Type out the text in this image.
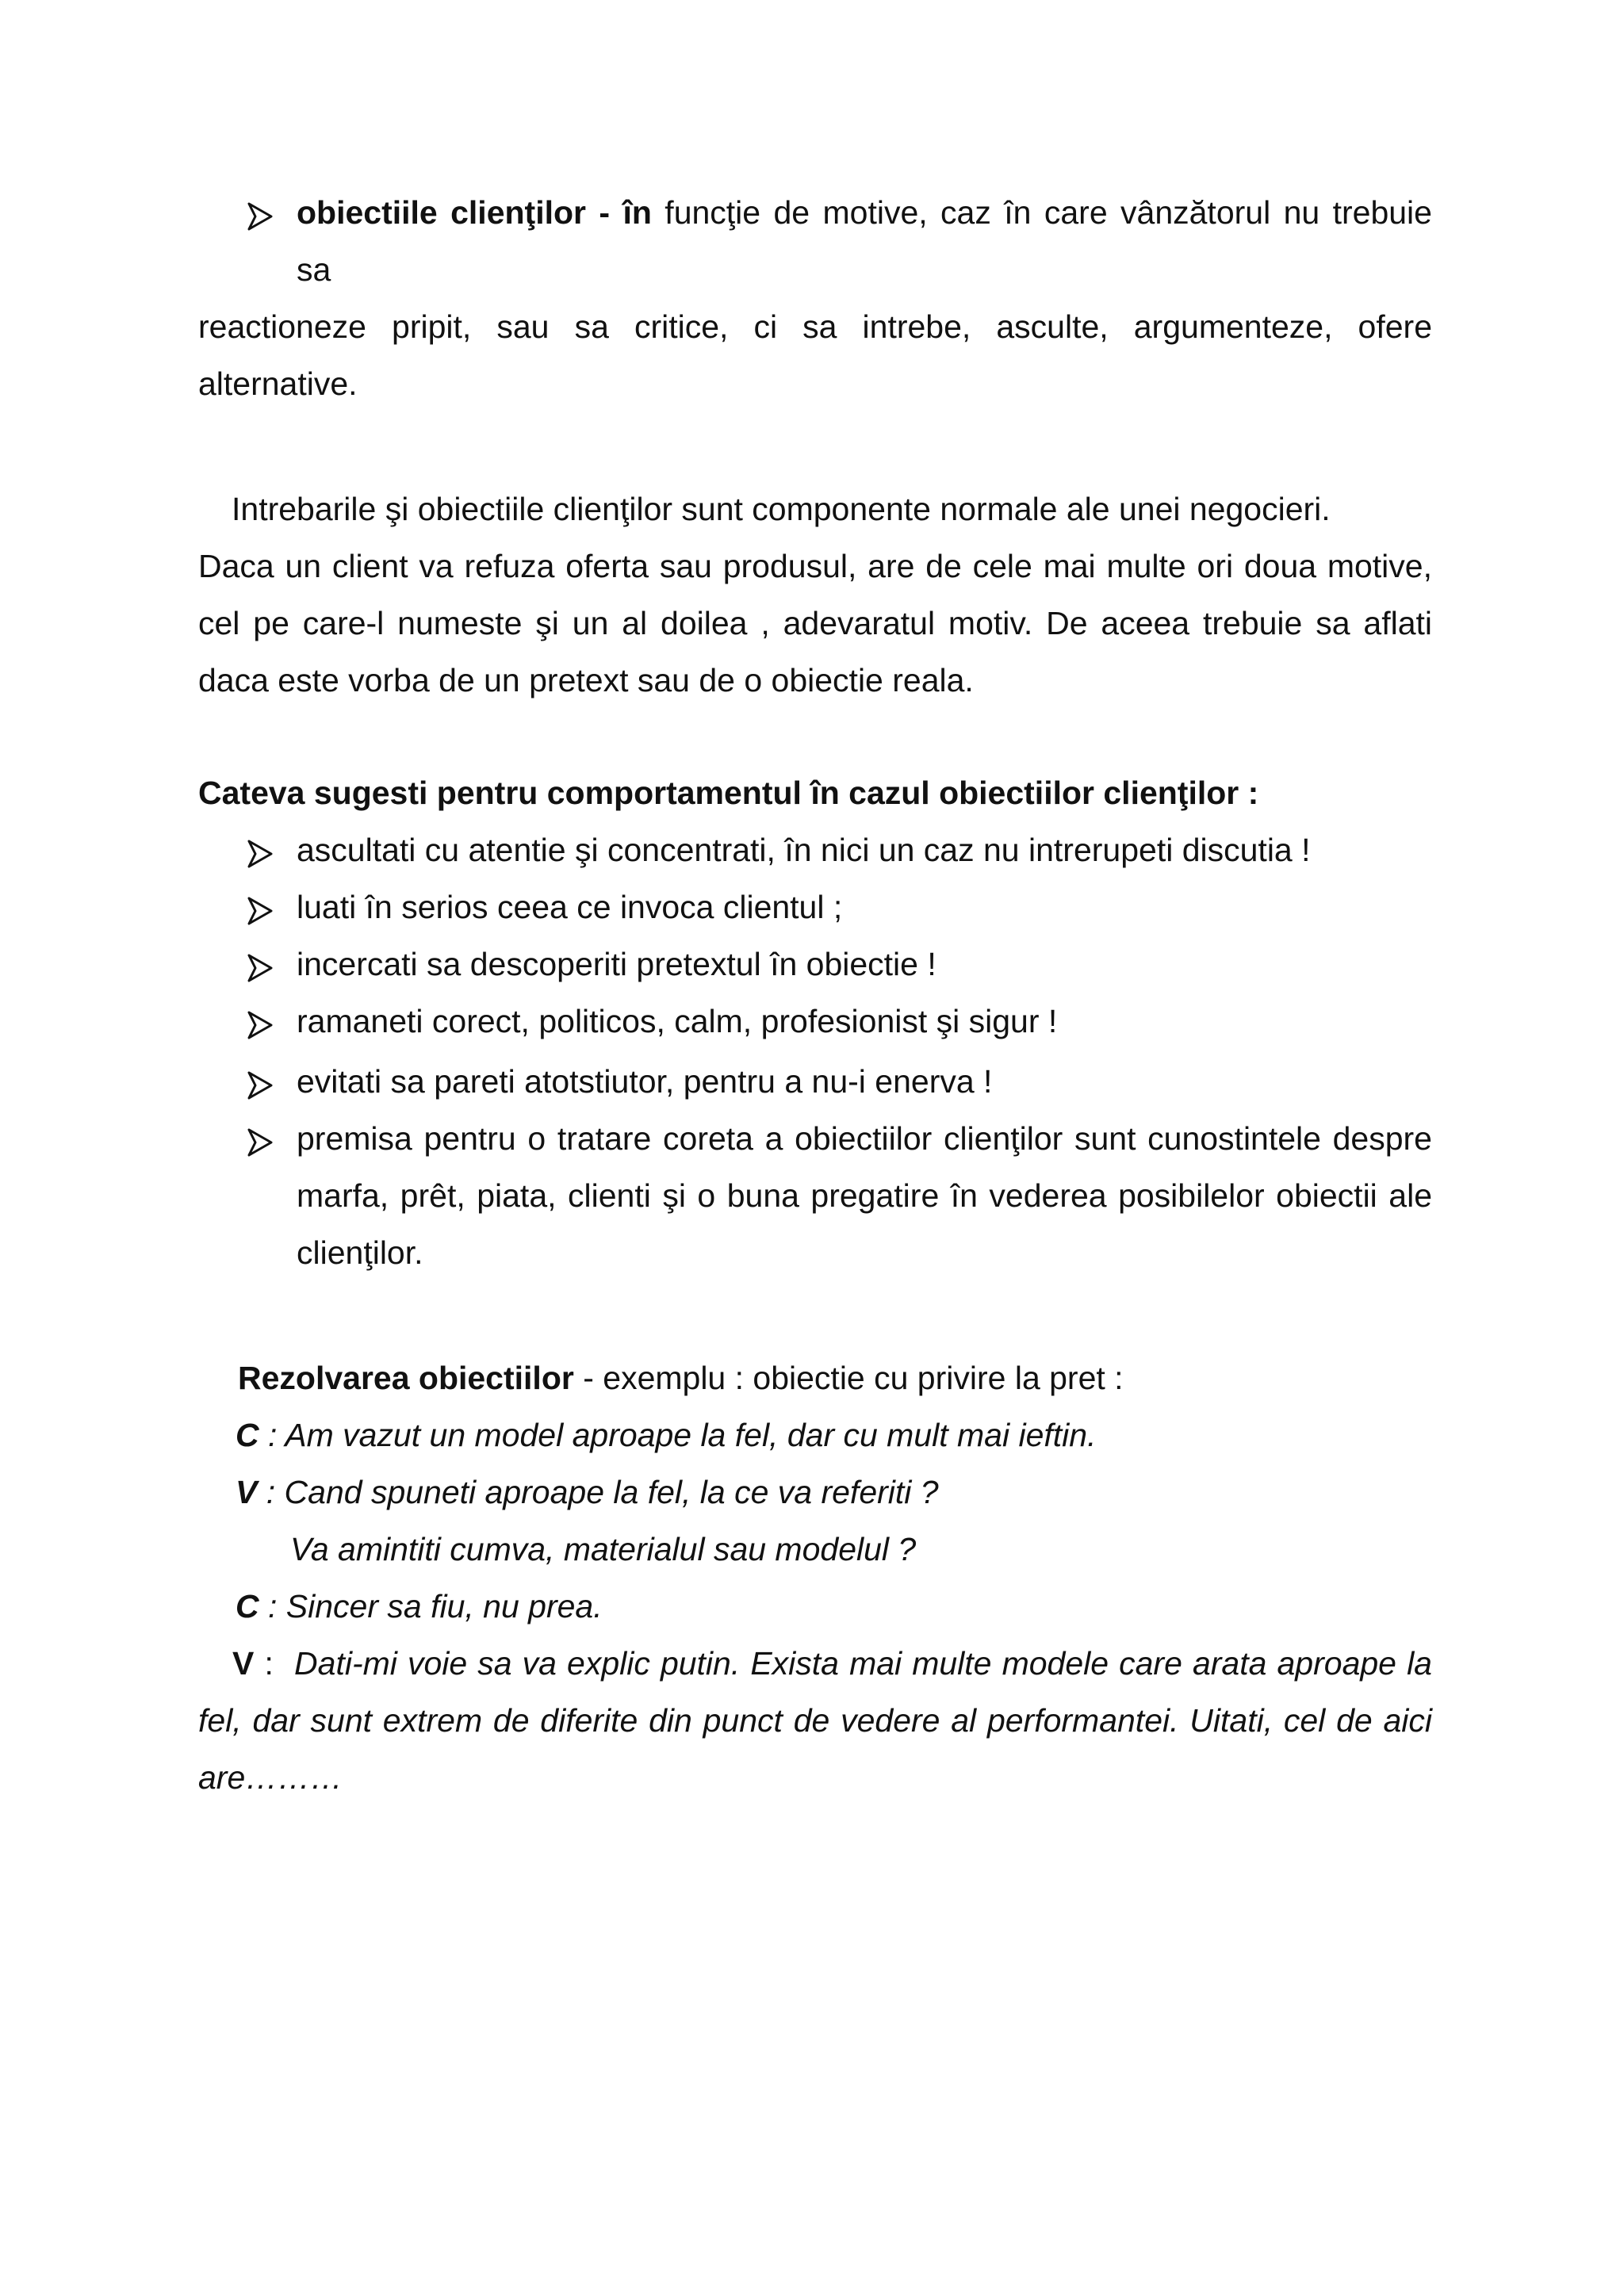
obiectiile clienţilor - în funcţie de motive, caz în care vânzătorul nu trebuie
sa
reactioneze pripit, sau sa critice, ci sa intrebe, asculte, argumenteze, ofere
alternative.
Intrebarile şi obiectiile clienţilor sunt componente normale ale unei negocieri.
Daca un client va refuza oferta sau produsul, are de cele mai multe ori doua motive,
cel pe care-l numeste şi un al doilea , adevaratul motiv. De aceea trebuie sa aflati
daca este vorba de un pretext sau de o obiectie reala.
Cateva sugesti pentru comportamentul în cazul obiectiilor clienţilor :
ascultati cu atentie şi concentrati, în nici un caz nu intrerupeti discutia !
luati în serios ceea ce invoca clientul ;
incercati sa descoperiti pretextul în obiectie !
ramaneti corect, politicos, calm, profesionist şi sigur !
evitati sa pareti atotstiutor, pentru a nu-i enerva !
premisa pentru o tratare coreta a obiectiilor clienţilor sunt cunostintele despre
marfa, prêt, piata, clienti şi o buna pregatire în vederea posibilelor obiectii ale
clienţilor.
Rezolvarea obiectiilor - exemplu : obiectie cu privire la pret :
C : Am vazut un model aproape la fel, dar cu mult mai ieftin.
V : Cand spuneti aproape la fel, la ce va referiti ?
Va amintiti cumva, materialul sau modelul ?
C : Sincer sa fiu, nu prea.
V : Dati-mi voie sa va explic putin. Exista mai multe modele care arata aproape la
fel, dar sunt extrem de diferite din punct de vedere al performantei. Uitati, cel de aici
are………
